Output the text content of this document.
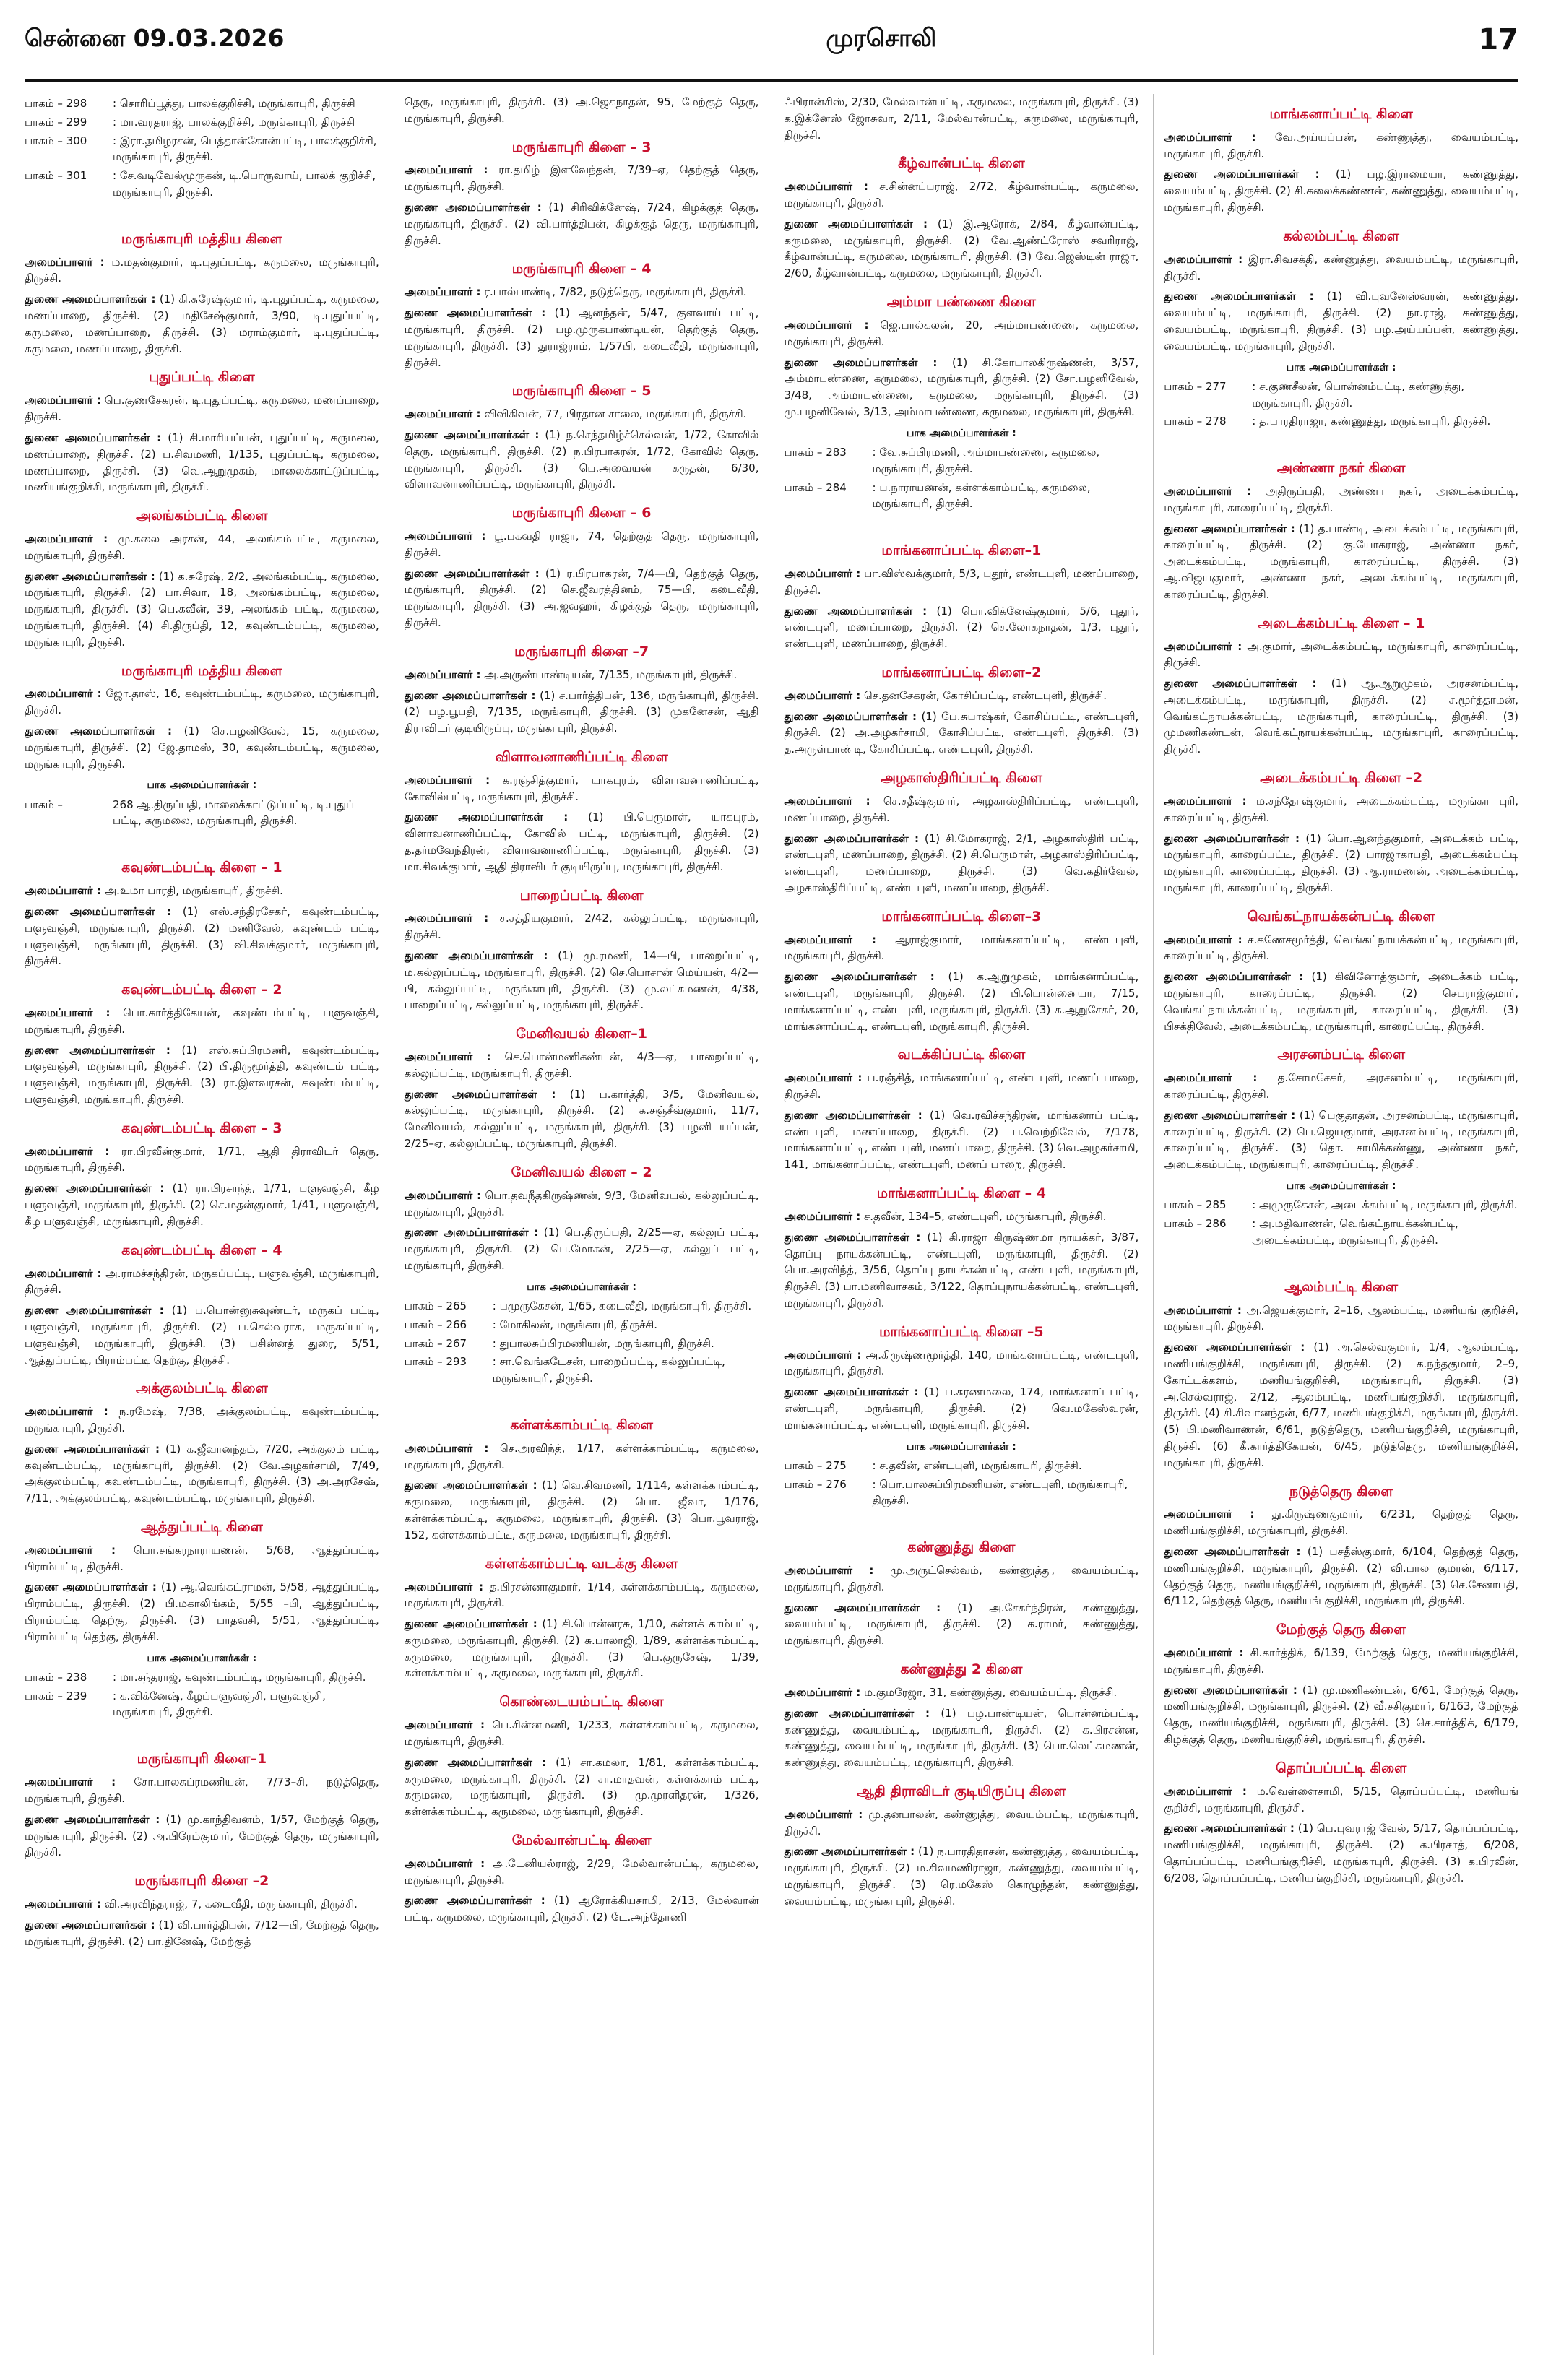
சென்னை 09.03.2026	முரசொலி	17
பாகம் – 298	: சொரிப்பூத்து, பாலக்குறிச்சி, மருங்காபுரி, திருச்சி
பாகம் – 299	: மா.வரதராஜ், பாலக்குறிச்சி, மருங்காபுரி, திருச்சி
பாகம் – 300	: இரா.தமிழரசன், பெத்தான்கோன்பட்டி, பாலக்குறிச்சி, மருங்காபுரி, திருச்சி.
பாகம் – 301	: சே.வடிவேல்முருகன், டி.பொருவாய், பாலக் குறிச்சி, மருங்காபுரி, திருச்சி.
மருங்காபுரி மத்திய கிளை

அமைப்பாளர் : ம.மதன்குமார், டி.புதுப்பட்டி, கருமலை, மருங்காபுரி, திருச்சி.

துணை அமைப்பாளர்கள் : (1) கி.சுரேஷ்குமார், டி.புதுப்பட்டி, கருமலை, மணப்பாறை, திருச்சி. (2) மதிசேஷ்குமார், 3/90, டி.புதுப்பட்டி, கருமலை, மணப்பாறை, திருச்சி. (3) மராம்குமார், டி.புதுப்பட்டி, கருமலை, மணப்பாறை, திருச்சி.

புதுப்பட்டி கிளை

அமைப்பாளர் : பெ.குணசேகரன், டி.புதுப்பட்டி, கருமலை, மணப்பாறை, திருச்சி.

துணை அமைப்பாளர்கள் : (1) சி.மாரியப்பன், புதுப்பட்டி, கருமலை, மணப்பாறை, திருச்சி. (2) ப.சிவமணி, 1/135, புதுப்பட்டி, கருமலை, மணப்பாறை, திருச்சி. (3) வெ.ஆறுமுகம், மாலைக்காட்டுப்பட்டி, மணியங்குறிச்சி, மருங்காபுரி, திருச்சி.

அலங்கம்பட்டி கிளை

அமைப்பாளர் : மு.கலை அரசன், 44, அலங்கம்பட்டி, கருமலை, மருங்காபுரி, திருச்சி.

துணை அமைப்பாளர்கள் : (1) க.சுரேஷ், 2/2, அலங்கம்பட்டி, கருமலை, மருங்காபுரி, திருச்சி. (2) பா.சிவா, 18, அலங்கம்பட்டி, கருமலை, மருங்காபுரி, திருச்சி. (3) பெ.கவீன், 39, அலங்கம் பட்டி, கருமலை, மருங்காபுரி, திருச்சி. (4) சி.திருப்தி, 12, கவுண்டம்பட்டி, கருமலை, மருங்காபுரி, திருச்சி.

மருங்காபுரி மத்திய கிளை

அமைப்பாளர் : ஜோ.தாஸ், 16, கவுண்டம்பட்டி, கருமலை, மருங்காபுரி, திருச்சி.

துணை அமைப்பாளர்கள் : (1) செ.பழனிவேல், 15, கருமலை, மருங்காபுரி, திருச்சி. (2) ஜே.தாமஸ், 30, கவுண்டம்பட்டி, கருமலை, மருங்காபுரி, திருச்சி.

பாக அமைப்பாளர்கள் :
பாகம் –	268 ஆ.திருப்பதி, மாலைக்காட்டுப்பட்டி, டி.புதுப் பட்டி, கருமலை, மருங்காபுரி, திருச்சி.
கவுண்டம்பட்டி கிளை – 1

அமைப்பாளர் : அ.உமா பாரதி, மருங்காபுரி, திருச்சி.

துணை அமைப்பாளர்கள் : (1) எஸ்.சந்திரசேகர், கவுண்டம்பட்டி, பளுவஞ்சி, மருங்காபுரி, திருச்சி. (2) மணிவேல், கவுண்டம் பட்டி, பளுவஞ்சி, மருங்காபுரி, திருச்சி. (3) வி.சிவக்குமார், மருங்காபுரி, திருச்சி.

கவுண்டம்பட்டி கிளை – 2

அமைப்பாளர் : பொ.கார்த்திகேயன், கவுண்டம்பட்டி, பளுவஞ்சி, மருங்காபுரி, திருச்சி.

துணை அமைப்பாளர்கள் : (1) எஸ்.சுப்பிரமணி, கவுண்டம்பட்டி, பளுவஞ்சி, மருங்காபுரி, திருச்சி. (2) பி.திருமூர்த்தி, கவுண்டம் பட்டி, பளுவஞ்சி, மருங்காபுரி, திருச்சி. (3) ரா.இளவரசன், கவுண்டம்பட்டி, பளுவஞ்சி, மருங்காபுரி, திருச்சி.

கவுண்டம்பட்டி கிளை – 3

அமைப்பாளர் : ரா.பிரவீன்குமார், 1/71, ஆதி திராவிடர் தெரு, மருங்காபுரி, திருச்சி.

துணை அமைப்பாளர்கள் : (1) ரா.பிரசாந்த், 1/71, பளுவஞ்சி, கீழ பளுவஞ்சி, மருங்காபுரி, திருச்சி. (2) செ.மதன்குமார், 1/41, பளுவஞ்சி, கீழ பளுவஞ்சி, மருங்காபுரி, திருச்சி.

கவுண்டம்பட்டி கிளை – 4

அமைப்பாளர் : அ.ராமச்சந்திரன், மருகப்பட்டி, பளுவஞ்சி, மருங்காபுரி, திருச்சி.

துணை அமைப்பாளர்கள் : (1) ப.பொன்னுசுவுண்டர், மருகப் பட்டி, பளுவஞ்சி, மருங்காபுரி, திருச்சி. (2) ப.செல்வராசு, மருகப்பட்டி, பளுவஞ்சி, மருங்காபுரி, திருச்சி. (3) பசின்னத் துரை, 5/51, ஆத்துப்பட்டி, பிராம்பட்டி தெற்கு, திருச்சி.

அக்குலம்பட்டி கிளை

அமைப்பாளர் : ந.ரமேஷ், 7/38, அக்குலம்பட்டி, கவுண்டம்பட்டி, மருங்காபுரி, திருச்சி.

துணை அமைப்பாளர்கள் : (1) க.ஜீவானந்தம், 7/20, அக்குலம் பட்டி, கவுண்டம்பட்டி, மருங்காபுரி, திருச்சி. (2) வே.அழகர்சாமி, 7/49, அக்குலம்பட்டி, கவுண்டம்பட்டி, மருங்காபுரி, திருச்சி. (3) அ.அரசேஷ், 7/11, அக்குலம்பட்டி, கவுண்டம்பட்டி, மருங்காபுரி, திருச்சி.

ஆத்துப்பட்டி கிளை

அமைப்பாளர் : பொ.சங்கரநாராயணன், 5/68, ஆத்துப்பட்டி, பிராம்பட்டி, திருச்சி.

துணை அமைப்பாளர்கள் : (1) ஆ.வெங்கட்ராமன், 5/58, ஆத்துப்பட்டி, பிராம்பட்டி, திருச்சி. (2) பி.மகாலிங்கம், 5/55 –பி, ஆத்துப்பட்டி, பிராம்பட்டி தெற்கு, திருச்சி. (3) பாதவசி, 5/51, ஆத்துப்பட்டி, பிராம்பட்டி தெற்கு, திருச்சி.

பாக அமைப்பாளர்கள் :
பாகம் – 238	: மா.சந்தராஜ், கவுண்டம்பட்டி, மருங்காபுரி, திருச்சி.
பாகம் – 239	: க.விக்னேஷ், கீழப்பளுவஞ்சி, பளுவஞ்சி, மருங்காபுரி, திருச்சி.
மருங்காபுரி கிளை–1

அமைப்பாளர் : சோ.பாலசுப்ரமணியன், 7/73–சி, நடுத்தெரு, மருங்காபுரி, திருச்சி.

துணை அமைப்பாளர்கள் : (1) மு.காந்திவனம், 1/57, மேற்குத் தெரு, மருங்காபுரி, திருச்சி. (2) அ.பிரேம்குமார், மேற்குத் தெரு, மருங்காபுரி, திருச்சி.

மருங்காபுரி கிளை –2

அமைப்பாளர் : வி.அரவிந்தராஜ், 7, கடைவீதி, மருங்காபுரி, திருச்சி.

துணை அமைப்பாளர்கள் : (1) வி.பார்த்திபன், 7/12—பி, மேற்குத் தெரு, மருங்காபுரி, திருச்சி. (2) பா.தினேஷ், மேற்குத்

தெரு, மருங்காபுரி, திருச்சி. (3) அ.ஜெகநாதன், 95, மேற்குத் தெரு, மருங்காபுரி, திருச்சி.

மருங்காபுரி கிளை – 3

அமைப்பாளர் : ரா.தமிழ் இளவேந்தன், 7/39–ஏ, தெற்குத் தெரு, மருங்காபுரி, திருச்சி.

துணை அமைப்பாளர்கள் : (1) சிரிவிக்னேஷ், 7/24, கிழக்குத் தெரு, மருங்காபுரி, திருச்சி. (2) வி.பார்த்திபன், கிழக்குத் தெரு, மருங்காபுரி, திருச்சி.

மருங்காபுரி கிளை – 4

அமைப்பாளர் : ர.பால்பாண்டி, 7/82, நடுத்தெரு, மருங்காபுரி, திருச்சி.

துணை அமைப்பாளர்கள் : (1) ஆனந்தன், 5/47, குளவாய் பட்டி, மருங்காபுரி, திருச்சி. (2) பழ.முருகபாண்டியன், தெற்குத் தெரு, மருங்காபுரி, திருச்சி. (3) துராஜ்ராம், 1/57பி, கடைவீதி, மருங்காபுரி, திருச்சி.

மருங்காபுரி கிளை – 5

அமைப்பாளர் : விவிகிவன், 77, பிரதான சாலை, மருங்காபுரி, திருச்சி.

துணை அமைப்பாளர்கள் : (1) ந.செந்தமிழ்ச்செல்வன், 1/72, கோவில் தெரு, மருங்காபுரி, திருச்சி. (2) ந.பிரபாகரன், 1/72, கோவில் தெரு, மருங்காபுரி, திருச்சி. (3) பெ.அவையன் கருதன், 6/30, விளாவனாணிப்பட்டி, மருங்காபுரி, திருச்சி.

மருங்காபுரி கிளை – 6

அமைப்பாளர் : பூ.பகவதி ராஜா, 74, தெற்குத் தெரு, மருங்காபுரி, திருச்சி.

துணை அமைப்பாளர்கள் : (1) ர.பிரபாகரன், 7/4—பி, தெற்குத் தெரு, மருங்காபுரி, திருச்சி. (2) செ.ஜீவரத்தினம், 75—பி, கடைவீதி, மருங்காபுரி, திருச்சி. (3) அ.ஜவஹர், கிழக்குத் தெரு, மருங்காபுரி, திருச்சி.

மருங்காபுரி கிளை –7

அமைப்பாளர் : அ.அருண்பாண்டியன், 7/135, மருங்காபுரி, திருச்சி.

துணை அமைப்பாளர்கள் : (1) ச.பார்த்திபன், 136, மருங்காபுரி, திருச்சி. (2) பழ.பூபதி, 7/135, மருங்காபுரி, திருச்சி. (3) முகனேசன், ஆதி திராவிடர் குடியிருப்பு, மருங்காபுரி, திருச்சி.

விளாவனாணிப்பட்டி கிளை

அமைப்பாளர் : க.ரஞ்சித்குமார், யாகபுரம், விளாவனாணிப்பட்டி, கோவில்பட்டி, மருங்காபுரி, திருச்சி.

துணை அமைப்பாளர்கள் : (1) பி.பெருமாள், யாகபுரம், விளாவனாணிப்பட்டி, கோவில் பட்டி, மருங்காபுரி, திருச்சி. (2) த.தர்மவேந்திரன், விளாவனாணிப்பட்டி, மருங்காபுரி, திருச்சி. (3) மா.சிவக்குமார், ஆதி திராவிடர் குடியிருப்பு, மருங்காபுரி, திருச்சி.

பாறைப்பட்டி கிளை

அமைப்பாளர் : ச.சத்தியகுமார், 2/42, கல்லுப்பட்டி, மருங்காபுரி, திருச்சி.

துணை அமைப்பாளர்கள் : (1) மு.ரமணி, 14—பி, பாறைப்பட்டி, ம.கல்லுப்பட்டி, மருங்காபுரி, திருச்சி. (2) செ.பொசான் மெய்யன், 4/2—பி, கல்லுப்பட்டி, மருங்காபுரி, திருச்சி. (3) மு.லட்சுமணன், 4/38, பாறைப்பட்டி, கல்லுப்பட்டி, மருங்காபுரி, திருச்சி.

மேனிவயல் கிளை–1

அமைப்பாளர் : செ.பொன்மணிகண்டன், 4/3—ஏ, பாறைப்பட்டி, கல்லுப்பட்டி, மருங்காபுரி, திருச்சி.

துணை அமைப்பாளர்கள் : (1) ப.கார்த்தி, 3/5, மேனிவயல், கல்லுப்பட்டி, மருங்காபுரி, திருச்சி. (2) க.சஞ்சீவ்குமார், 11/7, மேனிவயல், கல்லுப்பட்டி, மருங்காபுரி, திருச்சி. (3) பழனி யப்பன், 2/25–ஏ, கல்லுப்பட்டி, மருங்காபுரி, திருச்சி.

மேனிவயல் கிளை – 2

அமைப்பாளர் : பொ.தவநீதகிருஷ்ணன், 9/3, மேனிவயல், கல்லுப்பட்டி, மருங்காபுரி, திருச்சி.

துணை அமைப்பாளர்கள் : (1) பெ.திருப்பதி, 2/25—ஏ, கல்லுப் பட்டி, மருங்காபுரி, திருச்சி. (2) பெ.மோகன், 2/25—ஏ, கல்லுப் பட்டி, மருங்காபுரி, திருச்சி.

பாக அமைப்பாளர்கள் :
பாகம் – 265	: பமுருகேசன், 1/65, கடைவீதி, மருங்காபுரி, திருச்சி.
பாகம் – 266	: மோகிலன், மருங்காபுரி, திருச்சி.
பாகம் – 267	: துபாலசுப்பிரமணியன், மருங்காபுரி, திருச்சி.
பாகம் – 293	: சா.வெங்கடேசன், பாறைப்பட்டி, கல்லுப்பட்டி, மருங்காபுரி, திருச்சி.
கள்ளக்காம்பட்டி கிளை

அமைப்பாளர் : செ.அரவிந்த், 1/17, கள்ளக்காம்பட்டி, கருமலை, மருங்காபுரி, திருச்சி.

துணை அமைப்பாளர்கள் : (1) வெ.சிவமணி, 1/114, கள்ளக்காம்பட்டி, கருமலை, மருங்காபுரி, திருச்சி. (2) பொ. ஜீவா, 1/176, கள்ளக்காம்பட்டி, கருமலை, மருங்காபுரி, திருச்சி. (3) பொ.பூவராஜ், 152, கள்ளக்காம்பட்டி, கருமலை, மருங்காபுரி, திருச்சி.

கள்ளக்காம்பட்டி வடக்கு கிளை

அமைப்பாளர் : த.பிரசன்னாகுமார், 1/14, கள்ளக்காம்பட்டி, கருமலை, மருங்காபுரி, திருச்சி.

துணை அமைப்பாளர்கள் : (1) சி.பொன்னரசு, 1/10, கள்ளக் காம்பட்டி, கருமலை, மருங்காபுரி, திருச்சி. (2) சு.பாலாஜி, 1/89, கள்ளக்காம்பட்டி, கருமலை, மருங்காபுரி, திருச்சி. (3) பெ.குருசேஷ், 1/39, கள்ளக்காம்பட்டி, கருமலை, மருங்காபுரி, திருச்சி.

கொண்டையம்பட்டி கிளை

அமைப்பாளர் : பெ.சின்னமணி, 1/233, கள்ளக்காம்பட்டி, கருமலை, மருங்காபுரி, திருச்சி.

துணை அமைப்பாளர்கள் : (1) சா.கமலா, 1/81, கள்ளக்காம்பட்டி, கருமலை, மருங்காபுரி, திருச்சி. (2) சா.மாதவன், கள்ளக்காம் பட்டி, கருமலை, மருங்காபுரி, திருச்சி. (3) மு.முரளிதரன், 1/326, கள்ளக்காம்பட்டி, கருமலை, மருங்காபுரி, திருச்சி.

மேல்வான்பட்டி கிளை

அமைப்பாளர் : அ.டேனியல்ராஜ், 2/29, மேல்வான்பட்டி, கருமலை, மருங்காபுரி, திருச்சி.

துணை அமைப்பாளர்கள் : (1) ஆரோக்கியசாமி, 2/13, மேல்வான் பட்டி, கருமலை, மருங்காபுரி, திருச்சி. (2) டே.அந்தோணி

ஃபிரான்சிஸ், 2/30, மேல்வான்பட்டி, கருமலை, மருங்காபுரி, திருச்சி. (3) க.இக்னேஸ் ஜோசுவா, 2/11, மேல்வான்பட்டி, கருமலை, மருங்காபுரி, திருச்சி.

கீழ்வான்பட்டி கிளை

அமைப்பாளர் : ச.சின்னப்பராஜ், 2/72, கீழ்வான்பட்டி, கருமலை, மருங்காபுரி, திருச்சி.

துணை அமைப்பாளர்கள் : (1) இ.ஆரோக், 2/84, கீழ்வான்பட்டி, கருமலை, மருங்காபுரி, திருச்சி. (2) வே.ஆண்ட்ரோஸ் சவரிராஜ், கீழ்வான்பட்டி, கருமலை, மருங்காபுரி, திருச்சி. (3) வே.ஜெஸ்டின் ராஜா, 2/60, கீழ்வான்பட்டி, கருமலை, மருங்காபுரி, திருச்சி.

அம்மா பண்ணை கிளை

அமைப்பாளர் : ஜெ.பால்கலன், 20, அம்மாபண்ணை, கருமலை, மருங்காபுரி, திருச்சி.

துணை அமைப்பாளர்கள் : (1) சி.கோபாலகிருஷ்ணன், 3/57, அம்மாபண்ணை, கருமலை, மருங்காபுரி, திருச்சி. (2) சோ.பழனிவேல், 3/48, அம்மாபண்ணை, கருமலை, மருங்காபுரி, திருச்சி. (3) மு.பழனிவேல், 3/13, அம்மாபண்ணை, கருமலை, மருங்காபுரி, திருச்சி.

பாக அமைப்பாளர்கள் :
பாகம் – 283	: வே.சுப்பிரமணி, அம்மாபண்ணை, கருமலை, மருங்காபுரி, திருச்சி.
பாகம் – 284	: ப.நாராயணன், கள்ளக்காம்பட்டி, கருமலை, மருங்காபுரி, திருச்சி.
மாங்கனாப்பட்டி கிளை–1

அமைப்பாளர் : பா.விஸ்வக்குமார், 5/3, புதூர், எண்டபுளி, மணப்பாறை, திருச்சி.

துணை அமைப்பாளர்கள் : (1) பொ.விக்னேஷ்குமார், 5/6, புதூர், எண்டபுளி, மணப்பாறை, திருச்சி. (2) செ.லோகநாதன், 1/3, புதூர், எண்டபுளி, மணப்பாறை, திருச்சி.

மாங்கனாப்பட்டி கிளை–2

அமைப்பாளர் : செ.தனசேகரன், கோசிப்பட்டி, எண்டபுளி, திருச்சி.

துணை அமைப்பாளர்கள் : (1) பே.சுபாஷ்கர், கோசிப்பட்டி, எண்டபுளி, திருச்சி. (2) அ.அழகர்சாமி, கோசிப்பட்டி, எண்டபுளி, திருச்சி. (3) த.அருள்பாண்டி, கோசிப்பட்டி, எண்டபுளி, திருச்சி.

அழகாஸ்திரிப்பட்டி கிளை

அமைப்பாளர் : செ.சதீஷ்குமார், அழகாஸ்திரிப்பட்டி, எண்டபுளி, மணப்பாறை, திருச்சி.

துணை அமைப்பாளர்கள் : (1) சி.மோகராஜ், 2/1, அழகாஸ்திரி பட்டி, எண்டபுளி, மணப்பாறை, திருச்சி. (2) சி.பெருமாள், அழகாஸ்திரிப்பட்டி, எண்டபுளி, மணப்பாறை, திருச்சி. (3) வெ.கதிர்வேல், அழகாஸ்திரிப்பட்டி, எண்டபுளி, மணப்பாறை, திருச்சி.

மாங்கனாப்பட்டி கிளை–3

அமைப்பாளர் : ஆராஜ்குமார், மாங்கனாப்பட்டி, எண்டபுளி, மருங்காபுரி, திருச்சி.

துணை அமைப்பாளர்கள் : (1) க.ஆறுமுகம், மாங்கனாப்பட்டி, எண்டபுளி, மருங்காபுரி, திருச்சி. (2) பி.பொன்னையா, 7/15, மாங்கனாப்பட்டி, எண்டபுளி, மருங்காபுரி, திருச்சி. (3) க.ஆறுசேகர், 20, மாங்கனாப்பட்டி, எண்டபுளி, மருங்காபுரி, திருச்சி.

வடக்கிப்பட்டி கிளை

அமைப்பாளர் : ப.ரஞ்சித், மாங்கனாப்பட்டி, எண்டபுளி, மணப் பாறை, திருச்சி.

துணை அமைப்பாளர்கள் : (1) வெ.ரவிச்சந்திரன், மாங்கனாப் பட்டி, எண்டபுளி, மணப்பாறை, திருச்சி. (2) ப.வெற்றிவேல், 7/178, மாங்கனாப்பட்டி, எண்டபுளி, மணப்பாறை, திருச்சி. (3) வெ.அழகர்சாமி, 141, மாங்கனாப்பட்டி, எண்டபுளி, மணப் பாறை, திருச்சி.

மாங்கனாப்பட்டி கிளை – 4

அமைப்பாளர் : ச.தவீன், 134–5, எண்டபுளி, மருங்காபுரி, திருச்சி.

துணை அமைப்பாளர்கள் : (1) கி.ராஜா கிருஷ்ணமா நாயக்கர், 3/87, தொப்பு நாயக்கன்பட்டி, எண்டபுளி, மருங்காபுரி, திருச்சி. (2) பொ.அரவிந்த், 3/56, தொப்பு நாயக்கன்பட்டி, எண்டபுளி, மருங்காபுரி, திருச்சி. (3) பா.மணிவாசகம், 3/122, தொப்புநாயக்கன்பட்டி, எண்டபுளி, மருங்காபுரி, திருச்சி.

மாங்கனாப்பட்டி கிளை –5

அமைப்பாளர் : அ.கிருஷ்ணமூர்த்தி, 140, மாங்கனாப்பட்டி, எண்டபுளி, மருங்காபுரி, திருச்சி.

துணை அமைப்பாளர்கள் : (1) ப.சுரணமலை, 174, மாங்கனாப் பட்டி, எண்டபுளி, மருங்காபுரி, திருச்சி. (2) வெ.மகேஸ்வரன், மாங்கனாப்பட்டி, எண்டபுளி, மருங்காபுரி, திருச்சி.

பாக அமைப்பாளர்கள் :
பாகம் – 275	: ச.தவீன், எண்டபுளி, மருங்காபுரி, திருச்சி.
பாகம் – 276	: பொ.பாலசுப்பிரமணியன், எண்டபுளி, மருங்காபுரி, திருச்சி.
கண்ணுத்து கிளை

அமைப்பாளர் : மு.அருட்செல்வம், கண்ணுத்து, வையம்பட்டி, மருங்காபுரி, திருச்சி.

துணை அமைப்பாளர்கள் : (1) அ.சேகர்ந்திரன், கண்ணுத்து, வையம்பட்டி, மருங்காபுரி, திருச்சி. (2) க.ராமர், கண்ணுத்து, மருங்காபுரி, திருச்சி.

கண்ணுத்து 2 கிளை

அமைப்பாளர் : ம.குமரேஜா, 31, கண்ணுத்து, வையம்பட்டி, திருச்சி.

துணை அமைப்பாளர்கள் : (1) பழ.பாண்டியன், பொன்னம்பட்டி, கண்ணுத்து, வையம்பட்டி, மருங்காபுரி, திருச்சி. (2) க.பிரசன்ன, கண்ணுத்து, வையம்பட்டி, மருங்காபுரி, திருச்சி. (3) பொ.லெட்சுமணன், கண்ணுத்து, வையம்பட்டி, மருங்காபுரி, திருச்சி.

ஆதி திராவிடர் குடியிருப்பு கிளை

அமைப்பாளர் : மு.தனபாலன், கண்ணுத்து, வையம்பட்டி, மருங்காபுரி, திருச்சி.

துணை அமைப்பாளர்கள் : (1) ந.பாரதிதாசன், கண்ணுத்து, வையம்பட்டி, மருங்காபுரி, திருச்சி. (2) ம.சிவமணிராஜா, கண்ணுத்து, வையம்பட்டி, மருங்காபுரி, திருச்சி. (3) ரெ.மகேஸ் கொழுந்தன், கண்ணுத்து, வையம்பட்டி, மருங்காபுரி, திருச்சி.

மாங்கனாப்பட்டி கிளை

அமைப்பாளர் : வே.அய்யப்பன், கண்ணுத்து, வையம்பட்டி, மருங்காபுரி, திருச்சி.

துணை அமைப்பாளர்கள் : (1) பழ.இராமையா, கண்ணுத்து, வையம்பட்டி, திருச்சி. (2) சி.கலைக்கண்ணன், கண்ணுத்து, வையம்பட்டி, மருங்காபுரி, திருச்சி.

கல்லம்பட்டி கிளை

அமைப்பாளர் : இரா.சிவசக்தி, கண்ணுத்து, வையம்பட்டி, மருங்காபுரி, திருச்சி.

துணை அமைப்பாளர்கள் : (1) வி.புவனேஸ்வரன், கண்ணுத்து, வையம்பட்டி, மருங்காபுரி, திருச்சி. (2) நா.ராஜ், கண்ணுத்து, வையம்பட்டி, மருங்காபுரி, திருச்சி. (3) பழ.அய்யப்பன், கண்ணுத்து, வையம்பட்டி, மருங்காபுரி, திருச்சி.

பாக அமைப்பாளர்கள் :
பாகம் – 277	: ச.குணசீலன், பொன்னம்பட்டி, கண்ணுத்து, மருங்காபுரி, திருச்சி.
பாகம் – 278	: த.பாரதிராஜா, கண்ணுத்து, மருங்காபுரி, திருச்சி.
அண்ணா நகர் கிளை

அமைப்பாளர் : அதிருப்பதி, அண்ணா நகர், அடைக்கம்பட்டி, மருங்காபுரி, காரைப்பட்டி, திருச்சி.

துணை அமைப்பாளர்கள் : (1) த.பாண்டி, அடைக்கம்பட்டி, மருங்காபுரி, காரைப்பட்டி, திருச்சி. (2) கு.யோகராஜ், அண்ணா நகர், அடைக்கம்பட்டி, மருங்காபுரி, காரைப்பட்டி, திருச்சி. (3) ஆ.விஜயகுமார், அண்ணா நகர், அடைக்கம்பட்டி, மருங்காபுரி, காரைப்பட்டி, திருச்சி.

அடைக்கம்பட்டி கிளை – 1

அமைப்பாளர் : அ.குமார், அடைக்கம்பட்டி, மருங்காபுரி, காரைப்பட்டி, திருச்சி.

துணை அமைப்பாளர்கள் : (1) ஆ.ஆறுமுகம், அரசனம்பட்டி, அடைக்கம்பட்டி, மருங்காபுரி, திருச்சி. (2) ச.மூர்த்தாமன், வெங்கட்நாயக்கன்பட்டி, மருங்காபுரி, காரைப்பட்டி, திருச்சி. (3) முமணிகண்டன், வெங்கட்நாயக்கன்பட்டி, மருங்காபுரி, காரைப்பட்டி, திருச்சி.

அடைக்கம்பட்டி கிளை –2

அமைப்பாளர் : ம.சந்தோஷ்குமார், அடைக்கம்பட்டி, மருங்கா புரி, காரைப்பட்டி, திருச்சி.

துணை அமைப்பாளர்கள் : (1) பொ.ஆனந்தகுமார், அடைக்கம் பட்டி, மருங்காபுரி, காரைப்பட்டி, திருச்சி. (2) பாரஜாகாபதி, அடைக்கம்பட்டி மருங்காபுரி, காரைப்பட்டி, திருச்சி. (3) ஆ.ராமணன், அடைக்கம்பட்டி, மருங்காபுரி, காரைப்பட்டி, திருச்சி.

வெங்கட்நாயக்கன்பட்டி கிளை

அமைப்பாளர் : ச.கணேசமூர்த்தி, வெங்கட்நாயக்கன்பட்டி, மருங்காபுரி, காரைப்பட்டி, திருச்சி.

துணை அமைப்பாளர்கள் : (1) கிவினோத்குமார், அடைக்கம் பட்டி, மருங்காபுரி, காரைப்பட்டி, திருச்சி. (2) செபராஜ்குமார், வெங்கட்நாயக்கன்பட்டி, மருங்காபுரி, காரைப்பட்டி, திருச்சி. (3) பிசக்திவேல், அடைக்கம்பட்டி, மருங்காபுரி, காரைப்பட்டி, திருச்சி.

அரசனம்பட்டி கிளை

அமைப்பாளர் : த.சோமசேகர், அரசனம்பட்டி, மருங்காபுரி, காரைப்பட்டி, திருச்சி.

துணை அமைப்பாளர்கள் : (1) பெகுதாதன், அரசனம்பட்டி, மருங்காபுரி, காரைப்பட்டி, திருச்சி. (2) பெ.ஜெயகுமார், அரசனம்பட்டி, மருங்காபுரி, காரைப்பட்டி, திருச்சி. (3) தொ. சாமிக்கண்ணு, அண்ணா நகர், அடைக்கம்பட்டி, மருங்காபுரி, காரைப்பட்டி, திருச்சி.

பாக அமைப்பாளர்கள் :
பாகம் – 285	: அமுருகேசன், அடைக்கம்பட்டி, மருங்காபுரி, திருச்சி.
பாகம் – 286	: அ.மதிவாணன், வெங்கட்நாயக்கன்பட்டி, அடைக்கம்பட்டி, மருங்காபுரி, திருச்சி.
ஆலம்பட்டி கிளை

அமைப்பாளர் : அ.ஜெயக்குமார், 2–16, ஆலம்பட்டி, மணியங் குறிச்சி, மருங்காபுரி, திருச்சி.

துணை அமைப்பாளர்கள் : (1) அ.செல்வகுமார், 1/4, ஆலம்பட்டி, மணியங்குறிச்சி, மருங்காபுரி, திருச்சி. (2) க.நந்தகுமார், 2–9, கோட்டக்களம், மணியங்குறிச்சி, மருங்காபுரி, திருச்சி. (3) அ.செல்வராஜ், 2/12, ஆலம்பட்டி, மணியங்குறிச்சி, மருங்காபுரி, திருச்சி. (4) சி.சிவானந்தன், 6/77, மணியங்குறிச்சி, மருங்காபுரி, திருச்சி. (5) பி.மணிவாணன், 6/61, நடுத்தெரு, மணியங்குறிச்சி, மருங்காபுரி, திருச்சி. (6) கீ.கார்த்திகேயன், 6/45, நடுத்தெரு, மணியங்குறிச்சி, மருங்காபுரி, திருச்சி.

நடுத்தெரு கிளை

அமைப்பாளர் : து.கிருஷ்ணகுமார், 6/231, தெற்குத் தெரு, மணியங்குறிச்சி, மருங்காபுரி, திருச்சி.

துணை அமைப்பாளர்கள் : (1) பசதீஸ்குமார், 6/104, தெற்குத் தெரு, மணியங்குறிச்சி, மருங்காபுரி, திருச்சி. (2) வி.பால குமரன், 6/117, தெற்குத் தெரு, மணியங்குறிச்சி, மருங்காபுரி, திருச்சி. (3) செ.சேனாபதி, 6/112, தெற்குத் தெரு, மணியங் குறிச்சி, மருங்காபுரி, திருச்சி.

மேற்குத் தெரு கிளை

அமைப்பாளர் : சி.கார்த்திக், 6/139, மேற்குத் தெரு, மணியங்குறிச்சி, மருங்காபுரி, திருச்சி.

துணை அமைப்பாளர்கள் : (1) மு.மணிகண்டன், 6/61, மேற்குத் தெரு, மணியங்குறிச்சி, மருங்காபுரி, திருச்சி. (2) வீ.சசிகுமார், 6/163, மேற்குத் தெரு, மணியங்குறிச்சி, மருங்காபுரி, திருச்சி. (3) செ.சார்த்திக், 6/179, கிழக்குத் தெரு, மணியங்குறிச்சி, மருங்காபுரி, திருச்சி.

தொப்பப்பட்டி கிளை

அமைப்பாளர் : ம.வெள்ளைசாமி, 5/15, தொப்பப்பட்டி, மணியங் குறிச்சி, மருங்காபுரி, திருச்சி.

துணை அமைப்பாளர்கள் : (1) பெ.புவராஜ் வேல், 5/17, தொப்பப்பட்டி, மணியங்குறிச்சி, மருங்காபுரி, திருச்சி. (2) க.பிரசாத், 6/208, தொப்பப்பட்டி, மணியங்குறிச்சி, மருங்காபுரி, திருச்சி. (3) க.பிரவீன், 6/208, தொப்பப்பட்டி, மணியங்குறிச்சி, மருங்காபுரி, திருச்சி.
